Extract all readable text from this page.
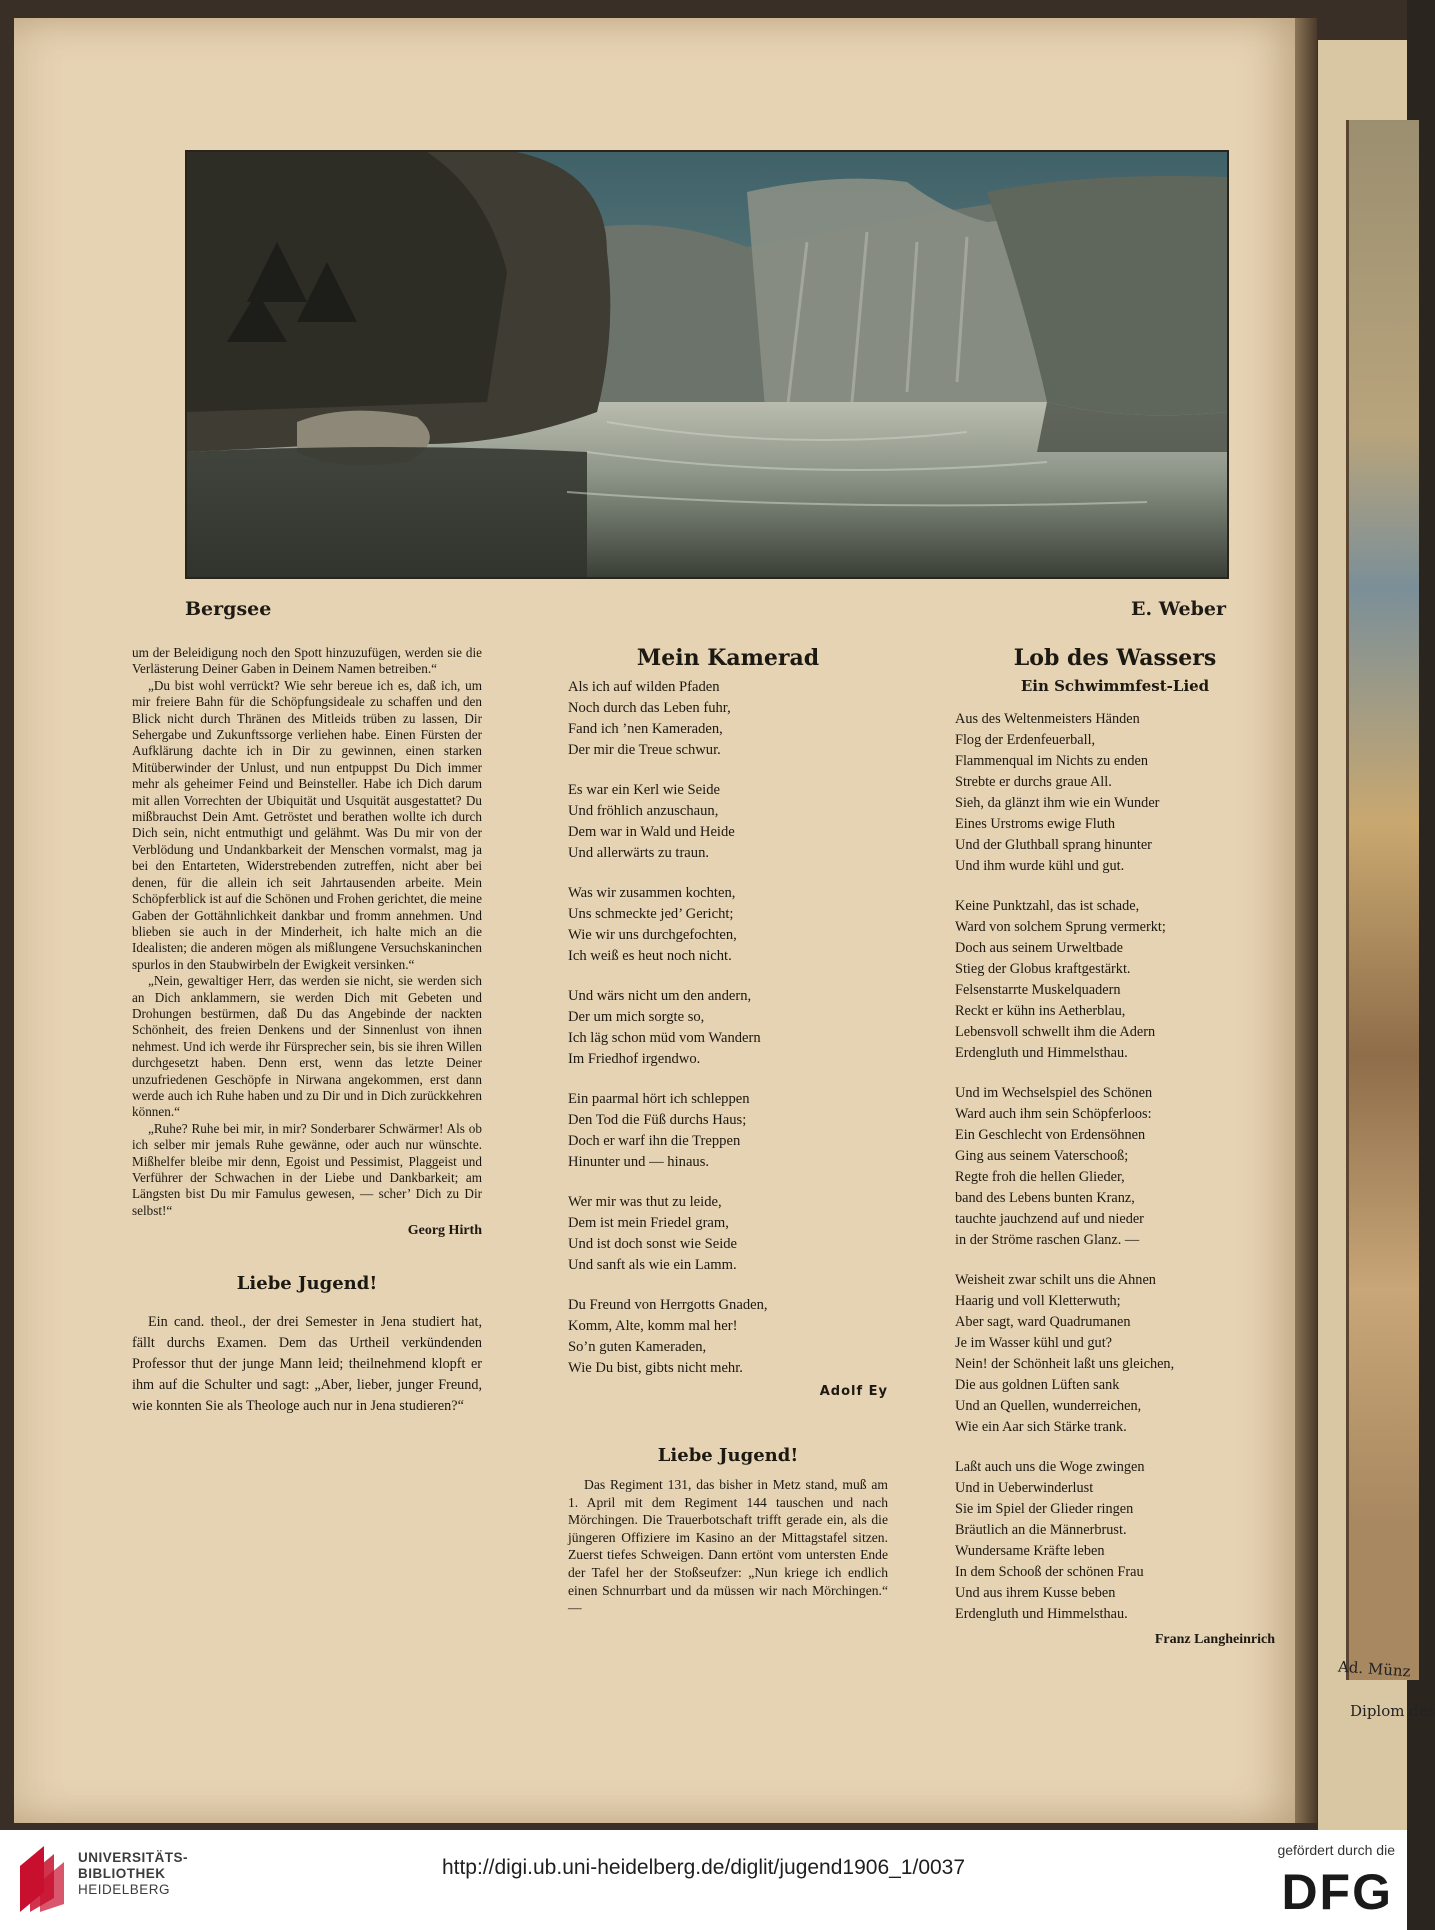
Ad. Münz
Diplom des
Bergsee	E. Weber

um der Beleidigung noch den Spott hinzuzufügen, werden sie die Verlästerung Deiner Gaben in Deinem Namen betreiben.“

„Du bist wohl verrückt? Wie sehr bereue ich es, daß ich, um mir freiere Bahn für die Schöpfungsideale zu schaffen und den Blick nicht durch Thränen des Mitleids trüben zu lassen, Dir Sehergabe und Zukunftssorge verliehen habe. Einen Fürsten der Aufklärung dachte ich in Dir zu gewinnen, einen starken Mitüberwinder der Unlust, und nun entpuppst Du Dich immer mehr als geheimer Feind und Beinsteller. Habe ich Dich darum mit allen Vorrechten der Ubiquität und Usquität ausgestattet? Du mißbrauchst Dein Amt. Getröstet und berathen wollte ich durch Dich sein, nicht entmuthigt und gelähmt. Was Du mir von der Verblödung und Undankbarkeit der Menschen vormalst, mag ja bei den Entarteten, Widerstrebenden zutreffen, nicht aber bei denen, für die allein ich seit Jahrtausenden arbeite. Mein Schöpferblick ist auf die Schönen und Frohen gerichtet, die meine Gaben der Gottähnlichkeit dankbar und fromm annehmen. Und blieben sie auch in der Minderheit, ich halte mich an die Idealisten; die anderen mögen als mißlungene Versuchskaninchen spurlos in den Staubwirbeln der Ewigkeit versinken.“

„Nein, gewaltiger Herr, das werden sie nicht, sie werden sich an Dich anklammern, sie werden Dich mit Gebeten und Drohungen bestürmen, daß Du das Angebinde der nackten Schönheit, des freien Denkens und der Sinnenlust von ihnen nehmest. Und ich werde ihr Fürsprecher sein, bis sie ihren Willen durchgesetzt haben. Denn erst, wenn das letzte Deiner unzufriedenen Geschöpfe in Nirwana angekommen, erst dann werde auch ich Ruhe haben und zu Dir und in Dich zurückkehren können.“

„Ruhe? Ruhe bei mir, in mir? Sonderbarer Schwärmer! Als ob ich selber mir jemals Ruhe gewänne, oder auch nur wünschte. Mißhelfer bleibe mir denn, Egoist und Pessimist, Plaggeist und Verführer der Schwachen in der Liebe und Dankbarkeit; am Längsten bist Du mir Famulus gewesen, — scher’ Dich zu Dir selbst!“

Georg Hirth
Liebe Jugend!

Ein cand. theol., der drei Semester in Jena studiert hat, fällt durchs Examen. Dem das Urtheil verkündenden Professor thut der junge Mann leid; theilnehmend klopft er ihm auf die Schulter und sagt: „Aber, lieber, junger Freund, wie konnten Sie als Theologe auch nur in Jena studieren?“

Mein Kamerad
Als ich auf wilden Pfaden
Noch durch das Leben fuhr,
Fand ich ’nen Kameraden,
Der mir die Treue schwur.
Es war ein Kerl wie Seide
Und fröhlich anzuschaun,
Dem war in Wald und Heide
Und allerwärts zu traun.
Was wir zusammen kochten,
Uns schmeckte jed’ Gericht;
Wie wir uns durchgefochten,
Ich weiß es heut noch nicht.
Und wärs nicht um den andern,
Der um mich sorgte so,
Ich läg schon müd vom Wandern
Im Friedhof irgendwo.
Ein paarmal hört ich schleppen
Den Tod die Füß durchs Haus;
Doch er warf ihn die Treppen
Hinunter und — hinaus.
Wer mir was thut zu leide,
Dem ist mein Friedel gram,
Und ist doch sonst wie Seide
Und sanft als wie ein Lamm.
Du Freund von Herrgotts Gnaden,
Komm, Alte, komm mal her!
So’n guten Kameraden,
Wie Du bist, gibts nicht mehr.
Adolf Ey
Liebe Jugend!

Das Regiment 131, das bisher in Metz stand, muß am 1. April mit dem Regiment 144 tauschen und nach Mörchingen. Die Trauerbotschaft trifft gerade ein, als die jüngeren Offiziere im Kasino an der Mittagstafel sitzen. Zuerst tiefes Schweigen. Dann ertönt vom untersten Ende der Tafel her der Stoßseufzer: „Nun kriege ich endlich einen Schnurrbart und da müssen wir nach Mörchingen.“ —

Lob des Wassers
Ein Schwimmfest-Lied
Aus des Weltenmeisters Händen
Flog der Erdenfeuerball,
Flammenqual im Nichts zu enden
Strebte er durchs graue All.
Sieh, da glänzt ihm wie ein Wunder
Eines Urstroms ewige Fluth
Und der Gluthball sprang hinunter
Und ihm wurde kühl und gut.
Keine Punktzahl, das ist schade,
Ward von solchem Sprung vermerkt;
Doch aus seinem Urweltbade
Stieg der Globus kraftgestärkt.
Felsenstarrte Muskelquadern
Reckt er kühn ins Aetherblau,
Lebensvoll schwellt ihm die Adern
Erdengluth und Himmelsthau.
Und im Wechselspiel des Schönen
Ward auch ihm sein Schöpferloos:
Ein Geschlecht von Erdensöhnen
Ging aus seinem Vaterschooß;
Regte froh die hellen Glieder,
band des Lebens bunten Kranz,
tauchte jauchzend auf und nieder
in der Ströme raschen Glanz. —
Weisheit zwar schilt uns die Ahnen
Haarig und voll Kletterwuth;
Aber sagt, ward Quadrumanen
Je im Wasser kühl und gut?
Nein! der Schönheit laßt uns gleichen,
Die aus goldnen Lüften sank
Und an Quellen, wunderreichen,
Wie ein Aar sich Stärke trank.
Laßt auch uns die Woge zwingen
Und in Ueberwinderlust
Sie im Spiel der Glieder ringen
Bräutlich an die Männerbrust.
Wundersame Kräfte leben
In dem Schooß der schönen Frau
Und aus ihrem Kusse beben
Erdengluth und Himmelsthau.
Franz Langheinrich
UNIVERSITÄTS-
BIBLIOTHEK
HEIDELBERG
http://digi.ub.uni-heidelberg.de/diglit/jugend1906_1/0037
gefördert durch die
DFG
